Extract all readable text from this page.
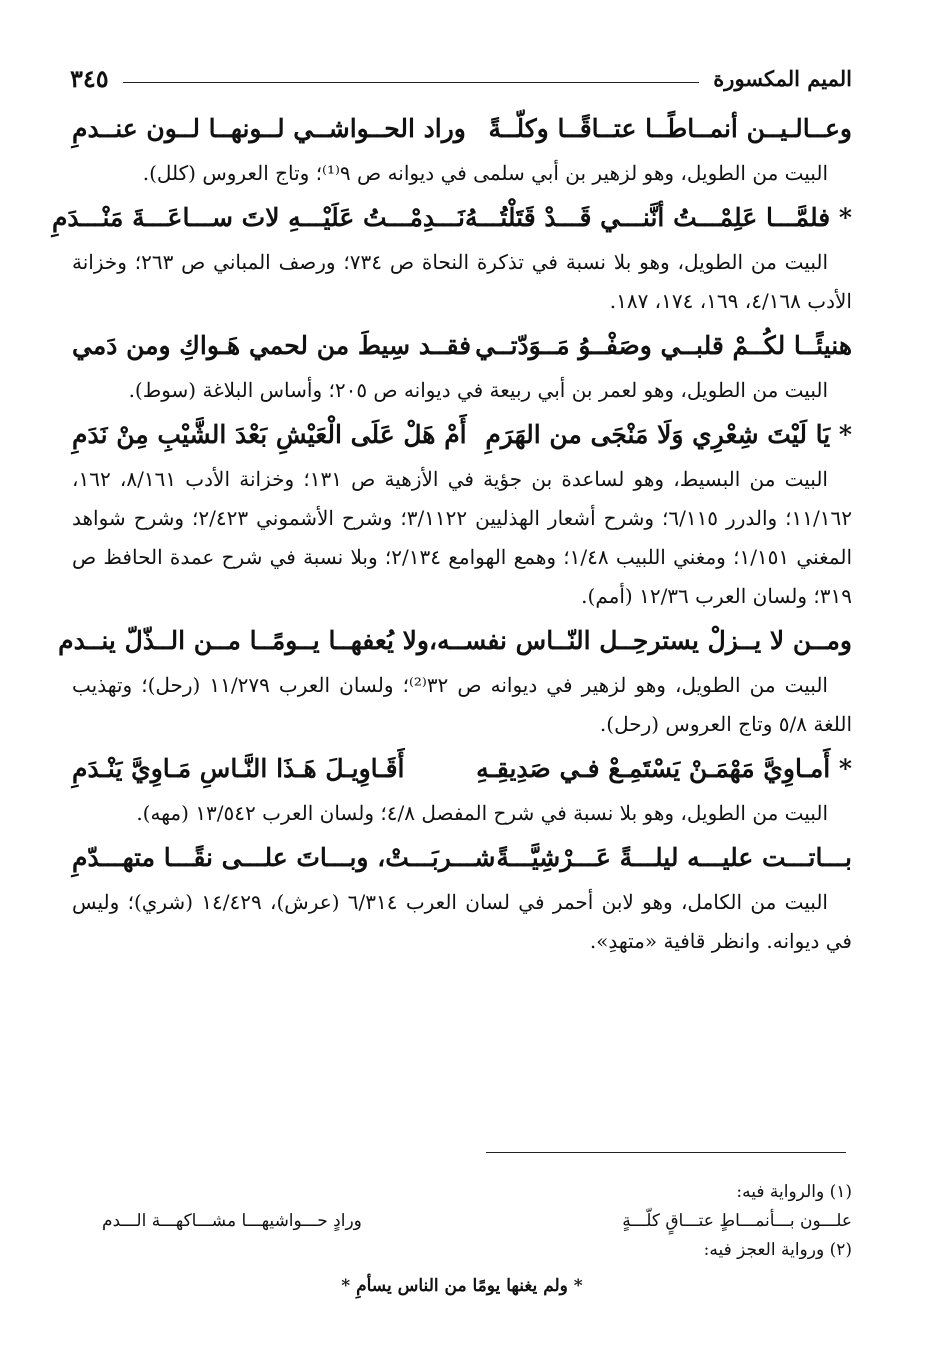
الميم المكسورة
٣٤٥
وعــالـيــن أنمــاطًــا عتــاقًــا وكلّــةً
وراد الحــواشــي لــونهــا لــون عنــدمِ

البيت من الطويل، وهو لزهير بن أبي سلمى في ديوانه ص ٩⁽¹⁾؛ وتاج العروس (كلل).

* فلمَّـــا عَلِمْـــتُ أنَّنـــي قَـــدْ قَتَلْتُـــهُ
نَـــدِمْـــتُ عَلَيْـــهِ لاتَ ســـاعَـــةَ مَنْـــدَمِ

البيت من الطويل، وهو بلا نسبة في تذكرة النحاة ص ٧٣٤؛ ورصف المباني ص ٢٦٣؛ وخزانة الأدب ٤/١٦٨، ١٦٩، ١٧٤، ١٨٧.

هنيئًــا لكُــمْ قلبــي وصَفْــوُ مَــوَدّتــي
فقــد سِيطَ من لحمي هَـواكِ ومن دَمي

البيت من الطويل، وهو لعمر بن أبي ربيعة في ديوانه ص ٢٠٥؛ وأساس البلاغة (سوط).

* يَا لَيْتَ شِعْرِي وَلَا مَنْجَى من الهَرَمِ
أَمْ هَلْ عَلَى الْعَيْشِ بَعْدَ الشَّيْبِ مِنْ نَدَمِ

البيت من البسيط، وهو لساعدة بن جؤية في الأزهية ص ١٣١؛ وخزانة الأدب ٨/١٦١، ١٦٢، ١١/١٦٢؛ والدرر ٦/١١٥؛ وشرح أشعار الهذليين ٣/١١٢٢؛ وشرح الأشموني ٢/٤٢٣؛ وشرح شواهد المغني ١/١٥١؛ ومغني اللبيب ١/٤٨؛ وهمع الهوامع ٢/١٣٤؛ وبلا نسبة في شرح عمدة الحافظ ص ٣١٩؛ ولسان العرب ١٢/٣٦ (أمم).

ومــن لا يــزلْ يسترحِــل النّــاس نفســه،
ولا يُعفهــا يــومًــا مــن الــذّلّ ينــدم

البيت من الطويل، وهو لزهير في ديوانه ص ٣٢⁽²⁾؛ ولسان العرب ١١/٢٧٩ (رحل)؛ وتهذيب اللغة ٥/٨ وتاج العروس (رحل).

* أَمـاوِيَّ مَهْمَـنْ يَسْتَمِـعْ فـي صَدِيقِـهِ
أَقَـاوِيـلَ هَـذَا النَّـاسِ مَـاوِيَّ يَنْـدَمِ

البيت من الطويل، وهو بلا نسبة في شرح المفصل ٤/٨؛ ولسان العرب ١٣/٥٤٢ (مهه).

بـــاتـــت عليـــه ليلـــةً عَـــرْشِيَّـــةً
شـــربَـــتْ، وبـــاتَ علـــى نقًـــا متهـــدّمِ

البيت من الكامل، وهو لابن أحمر في لسان العرب ٦/٣١٤ (عرش)، ١٤/٤٢٩ (شري)؛ وليس في ديوانه. وانظر قافية «متهدِ».

(١) والرواية فيه:
علـــون بـــأنمـــاطٍ عتـــاقٍ كلّـــةٍ
ورادٍ حـــواشيهـــا مشـــاكهـــة الـــدم
(٢) ورواية العجز فيه:
* ولم يغنها يومًا من الناس يسأمِ *
